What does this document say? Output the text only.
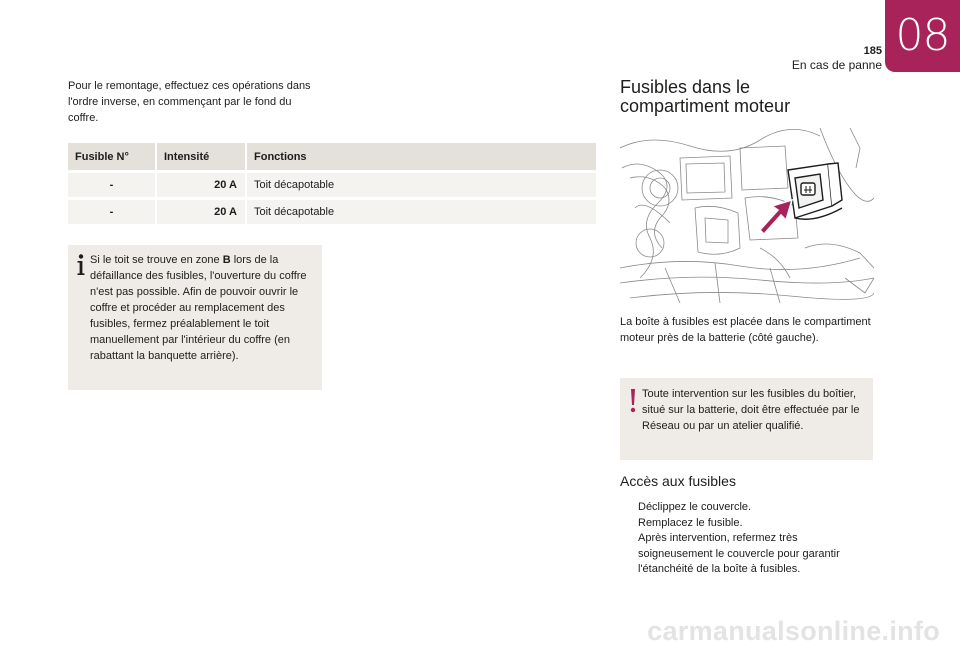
08
185
En cas de panne
Pour le remontage, effectuez ces opérations dans l'ordre inverse, en commençant par le fond du coffre.
Fusible N°	Intensité	Fonctions
-	20 A	Toit décapotable
-	20 A	Toit décapotable
Si le toit se trouve en zone B lors de la défaillance des fusibles, l'ouverture du coffre n'est pas possible. Afin de pouvoir ouvrir le coffre et procéder au remplacement des fusibles, fermez préalablement le toit manuellement par l'intérieur du coffre (en rabattant la banquette arrière).
Fusibles dans le
compartiment moteur
La boîte à fusibles est placée dans le compartiment moteur près de la batterie (côté gauche).
Toute intervention sur les fusibles du boîtier, situé sur la batterie, doit être effectuée par le Réseau ou par un atelier qualifié.
Accès aux fusibles
Déclippez le couvercle.
Remplacez le fusible.
Après intervention, refermez très soigneusement le couvercle pour garantir l'étanchéité de la boîte à fusibles.
carmanualsonline.info
